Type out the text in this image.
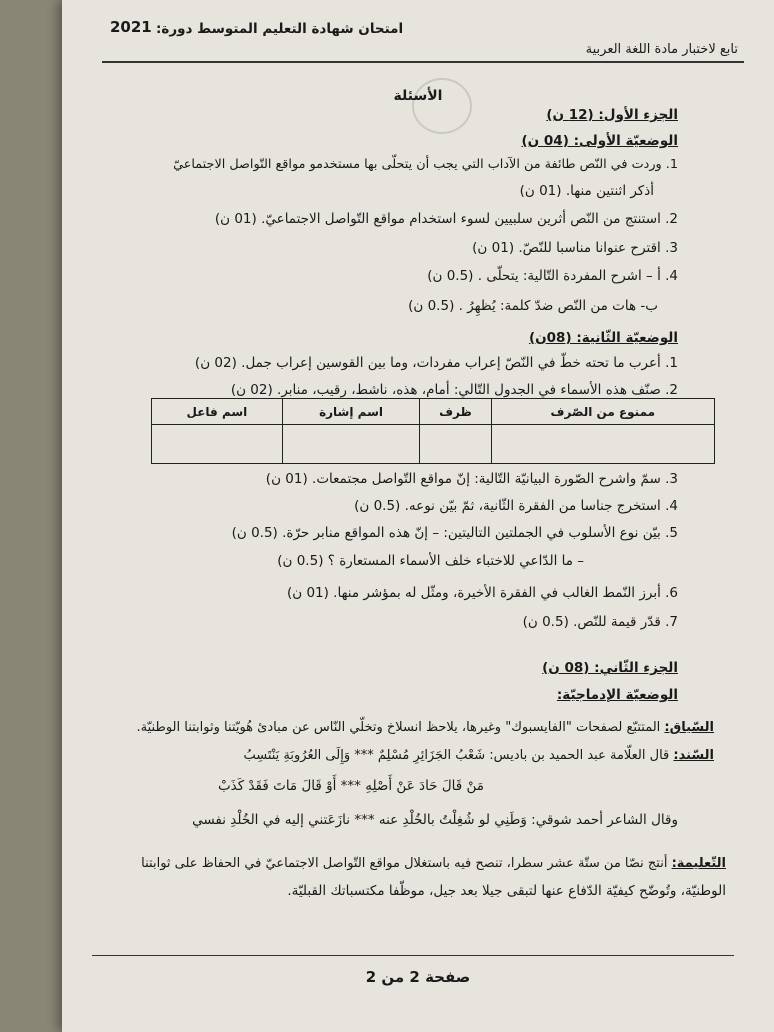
2021 امتحان شهادة التعليم المتوسط دورة:
تابع لاختبار مادة اللغة العربية
الأسئلة
الجزء الأول: (12 ن)
الوضعيّة الأولى: (04 ن)
1. وردت في النّص طائفة من الآداب التي يجب أن يتحلّى بها مستخدمو مواقع التّواصل الاجتماعيّ
أذكر اثنتين منها. (01 ن)
2. استنتج من النّص أثرين سلبيين لسوء استخدام مواقع التّواصل الاجتماعيّ. (01 ن)
3. اقترح عنوانا مناسبا للنّصّ. (01 ن)
4. أ – اشرح المفردة التّالية: يتحلّى . (0.5 ن)
ب- هات من النّص ضدّ كلمة: يُظهِرُ . (0.5 ن)
الوضعيّة الثّانية: (08ن)
1. أعرب ما تحته خطّ في النّصّ إعراب مفردات، وما بين القوسين إعراب جمل. (02 ن)
2. صنّف هذه الأسماء في الجدول التّالي: أمام، هذه، ناشط، رقيب، منابر. (02 ن)
ممنوع من الصّرف	ظرف	اسم إشارة	اسم فاعل

3. سمّ واشرح الصّورة البيانيّة التّالية: إنّ مواقع التّواصل مجتمعات. (01 ن)
4. استخرج جناسا من الفقرة الثّانية، ثمّ بيّن نوعه. (0.5 ن)
5. بيّن نوع الأسلوب في الجملتين التاليتين: – إنّ هذه المواقع منابر حرّة. (0.5 ن)
– ما الدّاعي للاختباء خلف الأسماء المستعارة ؟ (0.5 ن)
6. أبرز النّمط الغالب في الفقرة الأخيرة، ومثّل له بمؤشر منها. (01 ن)
7. قدّر قيمة للنّص. (0.5 ن)
الجزء الثّاني: (08 ن)
الوضعيّة الإدماجيّة:
السّياق: المتتبّع لصفحات "الفايسبوك" وغيرها، يلاحظ انسلاخ وتخلّي النّاس عن مبادئ هُويّتنا وثوابتنا الوطنيّة.
السّند: قال العلّامة عبد الحميد بن باديس: شَعْبُ الجَزَائِرِ مُسْلِمٌ *** وَإِلَى العُرُوبَةِ يَنْتَسِبُ
مَنْ قَالَ حَادَ عَنْ أَصْلِهِ *** أَوْ قَالَ مَاتَ فَقَدْ كَذَبْ
وقال الشاعر أحمد شوقي: وَطَنِي لو شُغِلْتُ بالخُلْدِ عنه *** نازَعَتني إليه في الخُلْدِ نفسي
التّعليمة: أنتج نصّا من ستّة عشر سطرا، تنصح فيه باستغلال مواقع التّواصل الاجتماعيّ في الحفاظ على ثوابتنا
الوطنيّة، وتُوضّح كيفيّة الدّفاع عنها لتبقى جيلا بعد جيل، موظّفا مكتسباتك القبليّة.
صفحة 2 من 2
